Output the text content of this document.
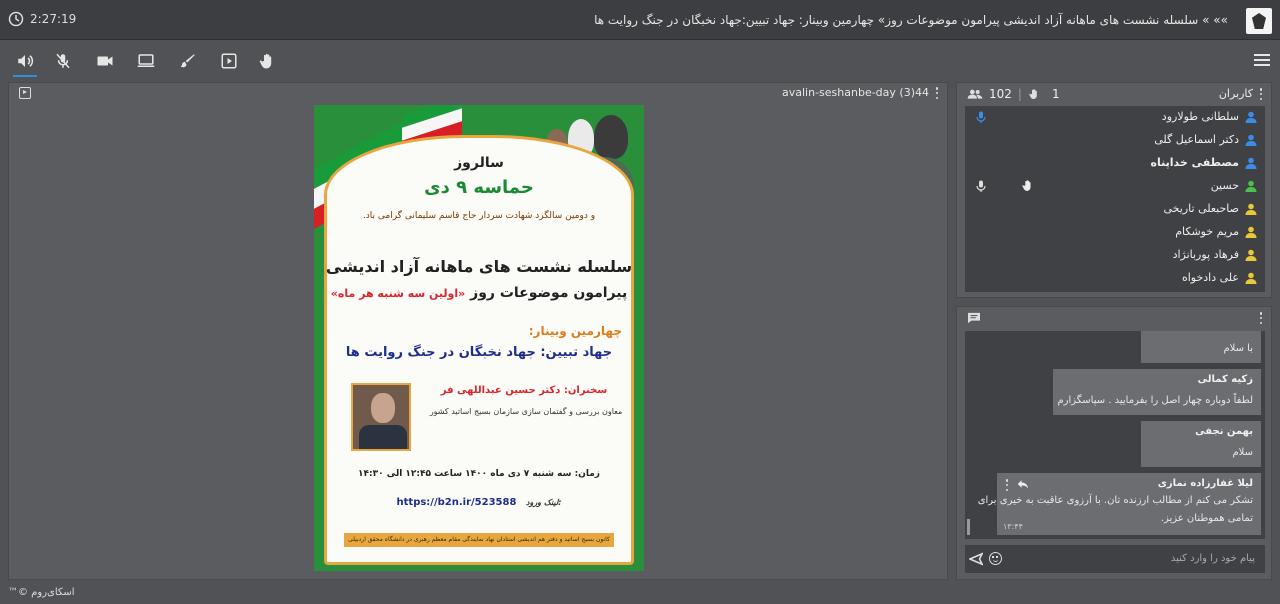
2:27:19	»» » سلسله نشست های ماهانه آزاد اندیشی پیرامون موضوعات روز» چهارمین وبینار: جهاد تبیین:جهاد نخبگان در جنگ روایت ها
avalin-seshanbe-day (3)44
سالروز
حماسه ۹ دی
و دومین سالگرد شهادت سردار حاج قاسم سلیمانی گرامی باد.
سلسله نشست های ماهانه آزاد اندیشی
پیرامون موضوعات روز «اولین سه شنبه هر ماه»
چهارمین وبینار:
جهاد تبیین: جهاد نخبگان در جنگ روایت ها
سخنران: دکتر حسین عبداللهی فر
معاون بررسی و گفتمان سازی سازمان بسیج اساتید کشور
زمان: سه شنبه ۷ دی ماه ۱۴۰۰ ساعت ۱۲:۴۵ الی ۱۴:۳۰
https://b2n.ir/523588 لینک ورود:
کانون بسیج اساتید و دفتر هم اندیشی استادان نهاد نمایندگی مقام معظم رهبری در دانشگاه محقق اردبیلی
102 |	1	کاربران
سلطانی طولارود
دکتر اسماعیل گلی
مصطفی خداپناه
حسین
صاحبعلی تاریخی
مریم خوشکام
فرهاد پوربانژاد
علی دادخواه
با سلام
زکیه کمالی
لطفاً دوباره چهار اصل را بفرمایید . سپاسگزارم
بهمن نجفی
سلام
لیلا غفارزاده نمازی
تشکر می کنم از مطالب ارزنده تان. با آرزوی عاقبت به خیری برای
تمامی هموطنان عزیز.
۱۳:۴۴
پیام خود را وارد کنید
اسکای‌روم ©™
